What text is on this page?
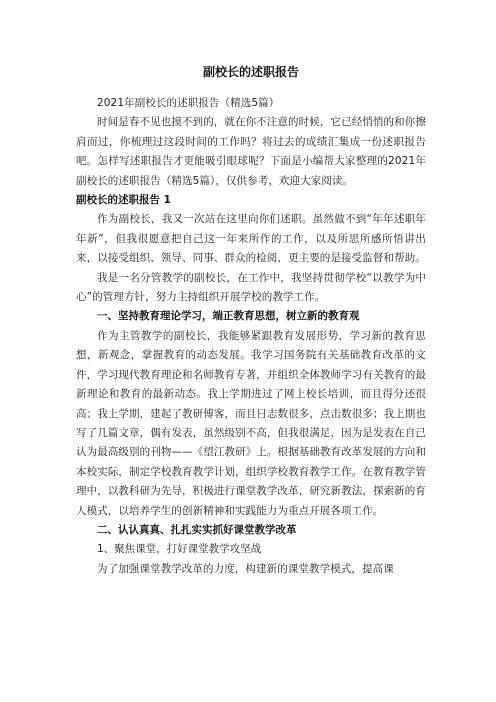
副校长的述职报告

2021年副校长的述职报告（精选5篇）

时间是春不见也摸不到的，就在你不注意的时候，它已经悄悄的和你擦肩而过，你梳理过这段时间的工作吗？将过去的成绩汇集成一份述职报告吧。怎样写述职报告才更能吸引眼球呢？下面是小编帮大家整理的2021年副校长的述职报告（精选5篇），仅供参考，欢迎大家阅读。

副校长的述职报告 1

作为副校长，我又一次站在这里向你们述职。虽然做不到“年年述职年年新”，但我很愿意把自己这一年来所作的工作，以及所思所感所悟讲出来，以接受组织、领导、同事、群众的检阅，更主要的是接受监督和帮助。

我是一名分管教学的副校长，在工作中，我坚持贯彻学校“以教学为中心”的管理方针，努力主持组织开展学校的教学工作。

一、坚持教育理论学习，端正教育思想，树立新的教育观

作为主管教学的副校长，我能够紧跟教育发展形势，学习新的教育思想，新观念，掌握教育的动态发展。我学习国务院有关基础教育改革的文件，学习现代教育理论和名师教育专著，并组织全体教师学习有关教育的最新理论和教育的最新动态。我上学期进过了网上校长培训，而且得分还很高；我上学期，建起了教研傅客，而且日志数很多，点击数很多；我上期也写了几篇文章，偶有发表，虽然级别不高，但我很满足，因为是发表在自己认为最高级别的刊物——《望江教研》上。根据基础教育改革发展的方向和本校实际，制定学校教育教学计划，组织学校教育教学工作。在教育教学管理中，以教科研为先导，积极进行课堂教学改革，研究新教法，探索新的育人模式，以培养学生的创新精神和实践能力为重点开展各项工作。

二、认认真真、扎扎实实抓好课堂教学改革

1、聚焦课堂，打好课堂教学攻坚战

为了加强课堂教学改革的力度，构建新的课堂教学模式，提高课
